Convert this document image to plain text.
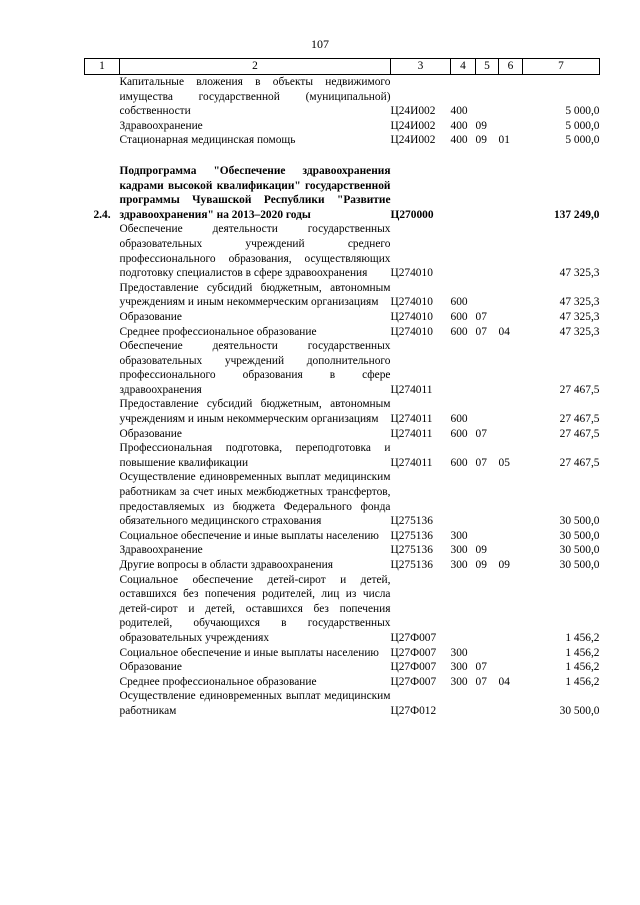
107
1	2	3	4	5	6	7
	Капитальные вложения в объекты недвижимого имущества государственной (муниципальной) собственности	Ц24И002	400			5 000,0
	Здравоохранение	Ц24И002	400	09		5 000,0
	Стационарная медицинская помощь	Ц24И002	400	09	01	5 000,0

2.4.	Подпрограмма "Обеспечение здравоохранения кадрами высокой квалификации" государственной программы Чувашской Республики "Развитие здравоохранения" на 2013–2020 годы	Ц270000				137 249,0
	Обеспечение деятельности государственных образовательных учреждений среднего профессионального образования, осуществляющих подготовку специалистов в сфере здравоохранения	Ц274010				47 325,3
	Предоставление субсидий бюджетным, автономным учреждениям и иным некоммерческим организациям	Ц274010	600			47 325,3
	Образование	Ц274010	600	07		47 325,3
	Среднее профессиональное образование	Ц274010	600	07	04	47 325,3
	Обеспечение деятельности государственных образовательных учреждений дополнительного профессионального образования в сфере здравоохранения	Ц274011				27 467,5
	Предоставление субсидий бюджетным, автономным учреждениям и иным некоммерческим организациям	Ц274011	600			27 467,5
	Образование	Ц274011	600	07		27 467,5
	Профессиональная подготовка, переподготовка и повышение квалификации	Ц274011	600	07	05	27 467,5
	Осуществление единовременных выплат медицинским работникам за счет иных межбюджетных трансфертов, предоставляемых из бюджета Федерального фонда обязательного медицинского страхования	Ц275136				30 500,0
	Социальное обеспечение и иные выплаты населению	Ц275136	300			30 500,0
	Здравоохранение	Ц275136	300	09		30 500,0
	Другие вопросы в области здравоохранения	Ц275136	300	09	09	30 500,0
	Социальное обеспечение детей-сирот и детей, оставшихся без попечения родителей, лиц из числа детей-сирот и детей, оставшихся без попечения родителей, обучающихся в государственных образовательных учреждениях	Ц27Ф007				1 456,2
	Социальное обеспечение и иные выплаты населению	Ц27Ф007	300			1 456,2
	Образование	Ц27Ф007	300	07		1 456,2
	Среднее профессиональное образование	Ц27Ф007	300	07	04	1 456,2
	Осуществление единовременных выплат медицинским работникам	Ц27Ф012				30 500,0
